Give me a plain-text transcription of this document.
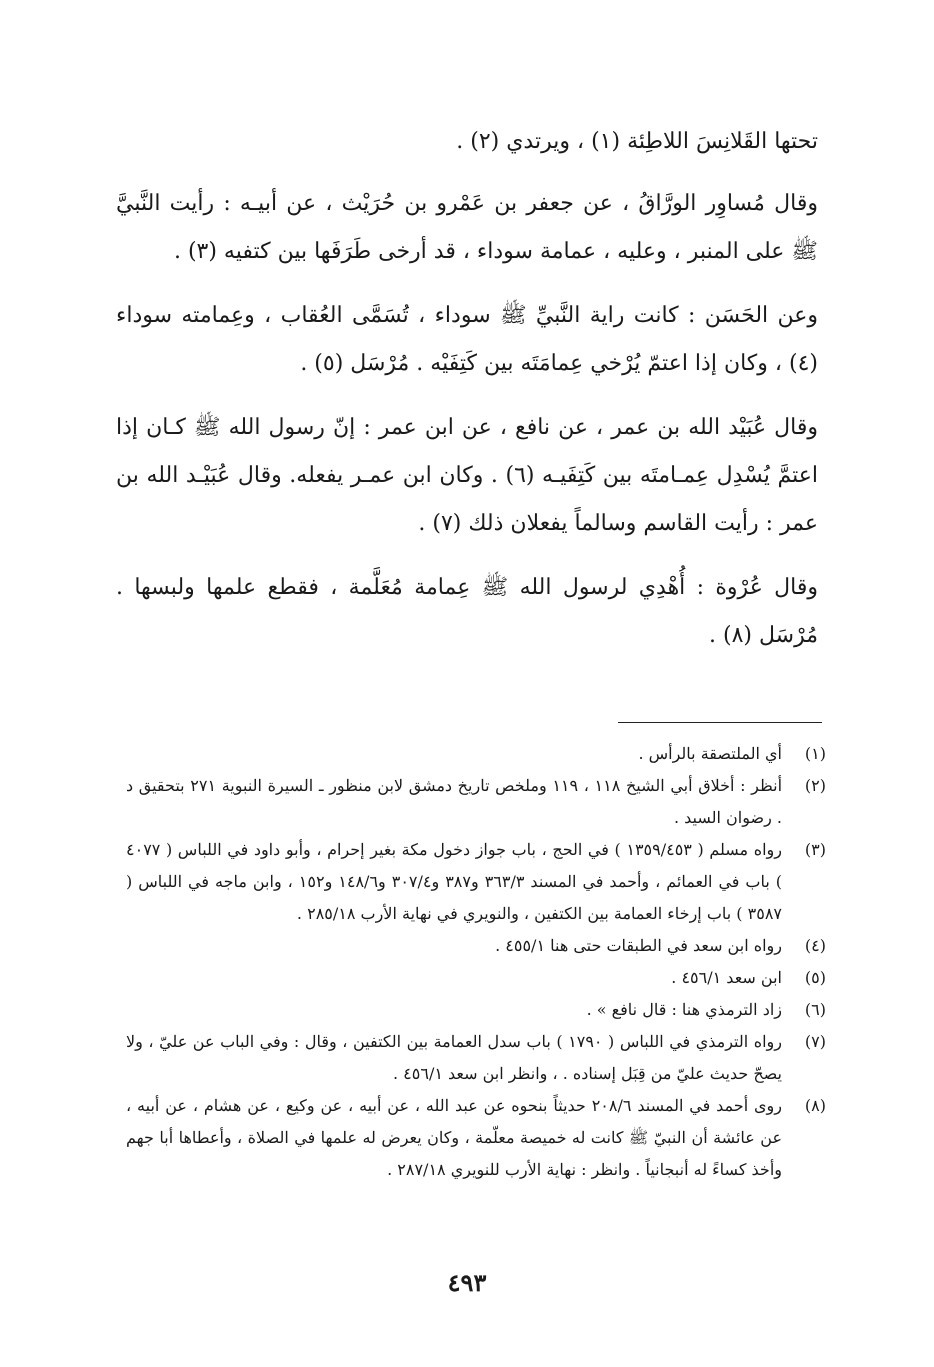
تحتها القَلانِسَ اللاطِئة (١) ، ويرتدي (٢) .

وقال مُساوِر الورَّاقُ ، عن جعفر بن عَمْرو بن حُرَيْث ، عن أبيـه : رأيت النَّبيَّ ﷺ على المنبر ، وعليه ، عمامة سوداء ، قد أرخى طَرَفَها بين كتفيه (٣) .

وعن الحَسَن : كانت راية النَّبيِّ ﷺ سوداء ، تُسَمَّى العُقاب ، وعِمامته سوداء (٤) ، وكان إذا اعتمّ يُرْخي عِمامَتَه بين كَتِفَيْه . مُرْسَل (٥) .

وقال عُبَيْد الله بن عمر ، عن نافع ، عن ابن عمر : إنّ رسول الله ﷺ كـان إذا اعتمَّ يُسْدِل عِمـامتَه بين كَتِفَيـه (٦) . وكان ابن عمـر يفعله. وقال عُبَيْـد الله بن عمر : رأيت القاسم وسالماً يفعلان ذلك (٧) .

وقال عُرْوة : أُهْدِي لرسول الله ﷺ عِمامة مُعَلَّمة ، فقطع علمها ولبسها . مُرْسَل (٨) .

(١)
أي الملتصقة بالرأس .
(٢)
أنظر : أخلاق أبي الشيخ ١١٨ ، ١١٩ وملخص تاريخ دمشق لابن منظور ـ السيرة النبوية ٢٧١ بتحقيق د . رضوان السيد .
(٣)
رواه مسلم ( ١٣٥٩/٤٥٣ ) في الحج ، باب جواز دخول مكة بغير إحرام ، وأبو داود في اللباس ( ٤٠٧٧ ) باب في العمائم ، وأحمد في المسند ٣٦٣/٣ و٣٨٧ و٣٠٧/٤ و١٤٨/٦ و١٥٢ ، وابن ماجه في اللباس ( ٣٥٨٧ ) باب إرخاء العمامة بين الكتفين ، والنويري في نهاية الأرب ٢٨٥/١٨ .
(٤)
رواه ابن سعد في الطبقات حتى هنا ٤٥٥/١ .
(٥)
ابن سعد ٤٥٦/١ .
(٦)
زاد الترمذي هنا : قال نافع » .
(٧)
رواه الترمذي في اللباس ( ١٧٩٠ ) باب سدل العمامة بين الكتفين ، وقال : وفي الباب عن عليّ ، ولا يصحّ حديث عليّ من قِبَل إسناده . ، وانظر ابن سعد ٤٥٦/١ .
(٨)
روى أحمد في المسند ٢٠٨/٦ حديثاً بنحوه عن عبد الله ، عن أبيه ، عن وكيع ، عن هشام ، عن أبيه ، عن عائشة أن النبيّ ﷺ كانت له خميصة معلّمة ، وكان يعرض له علمها في الصلاة ، وأعطاها أبا جهم وأخذ كساءً له أنبجانياً . وانظر : نهاية الأرب للنويري ٢٨٧/١٨ .
٤٩٣
